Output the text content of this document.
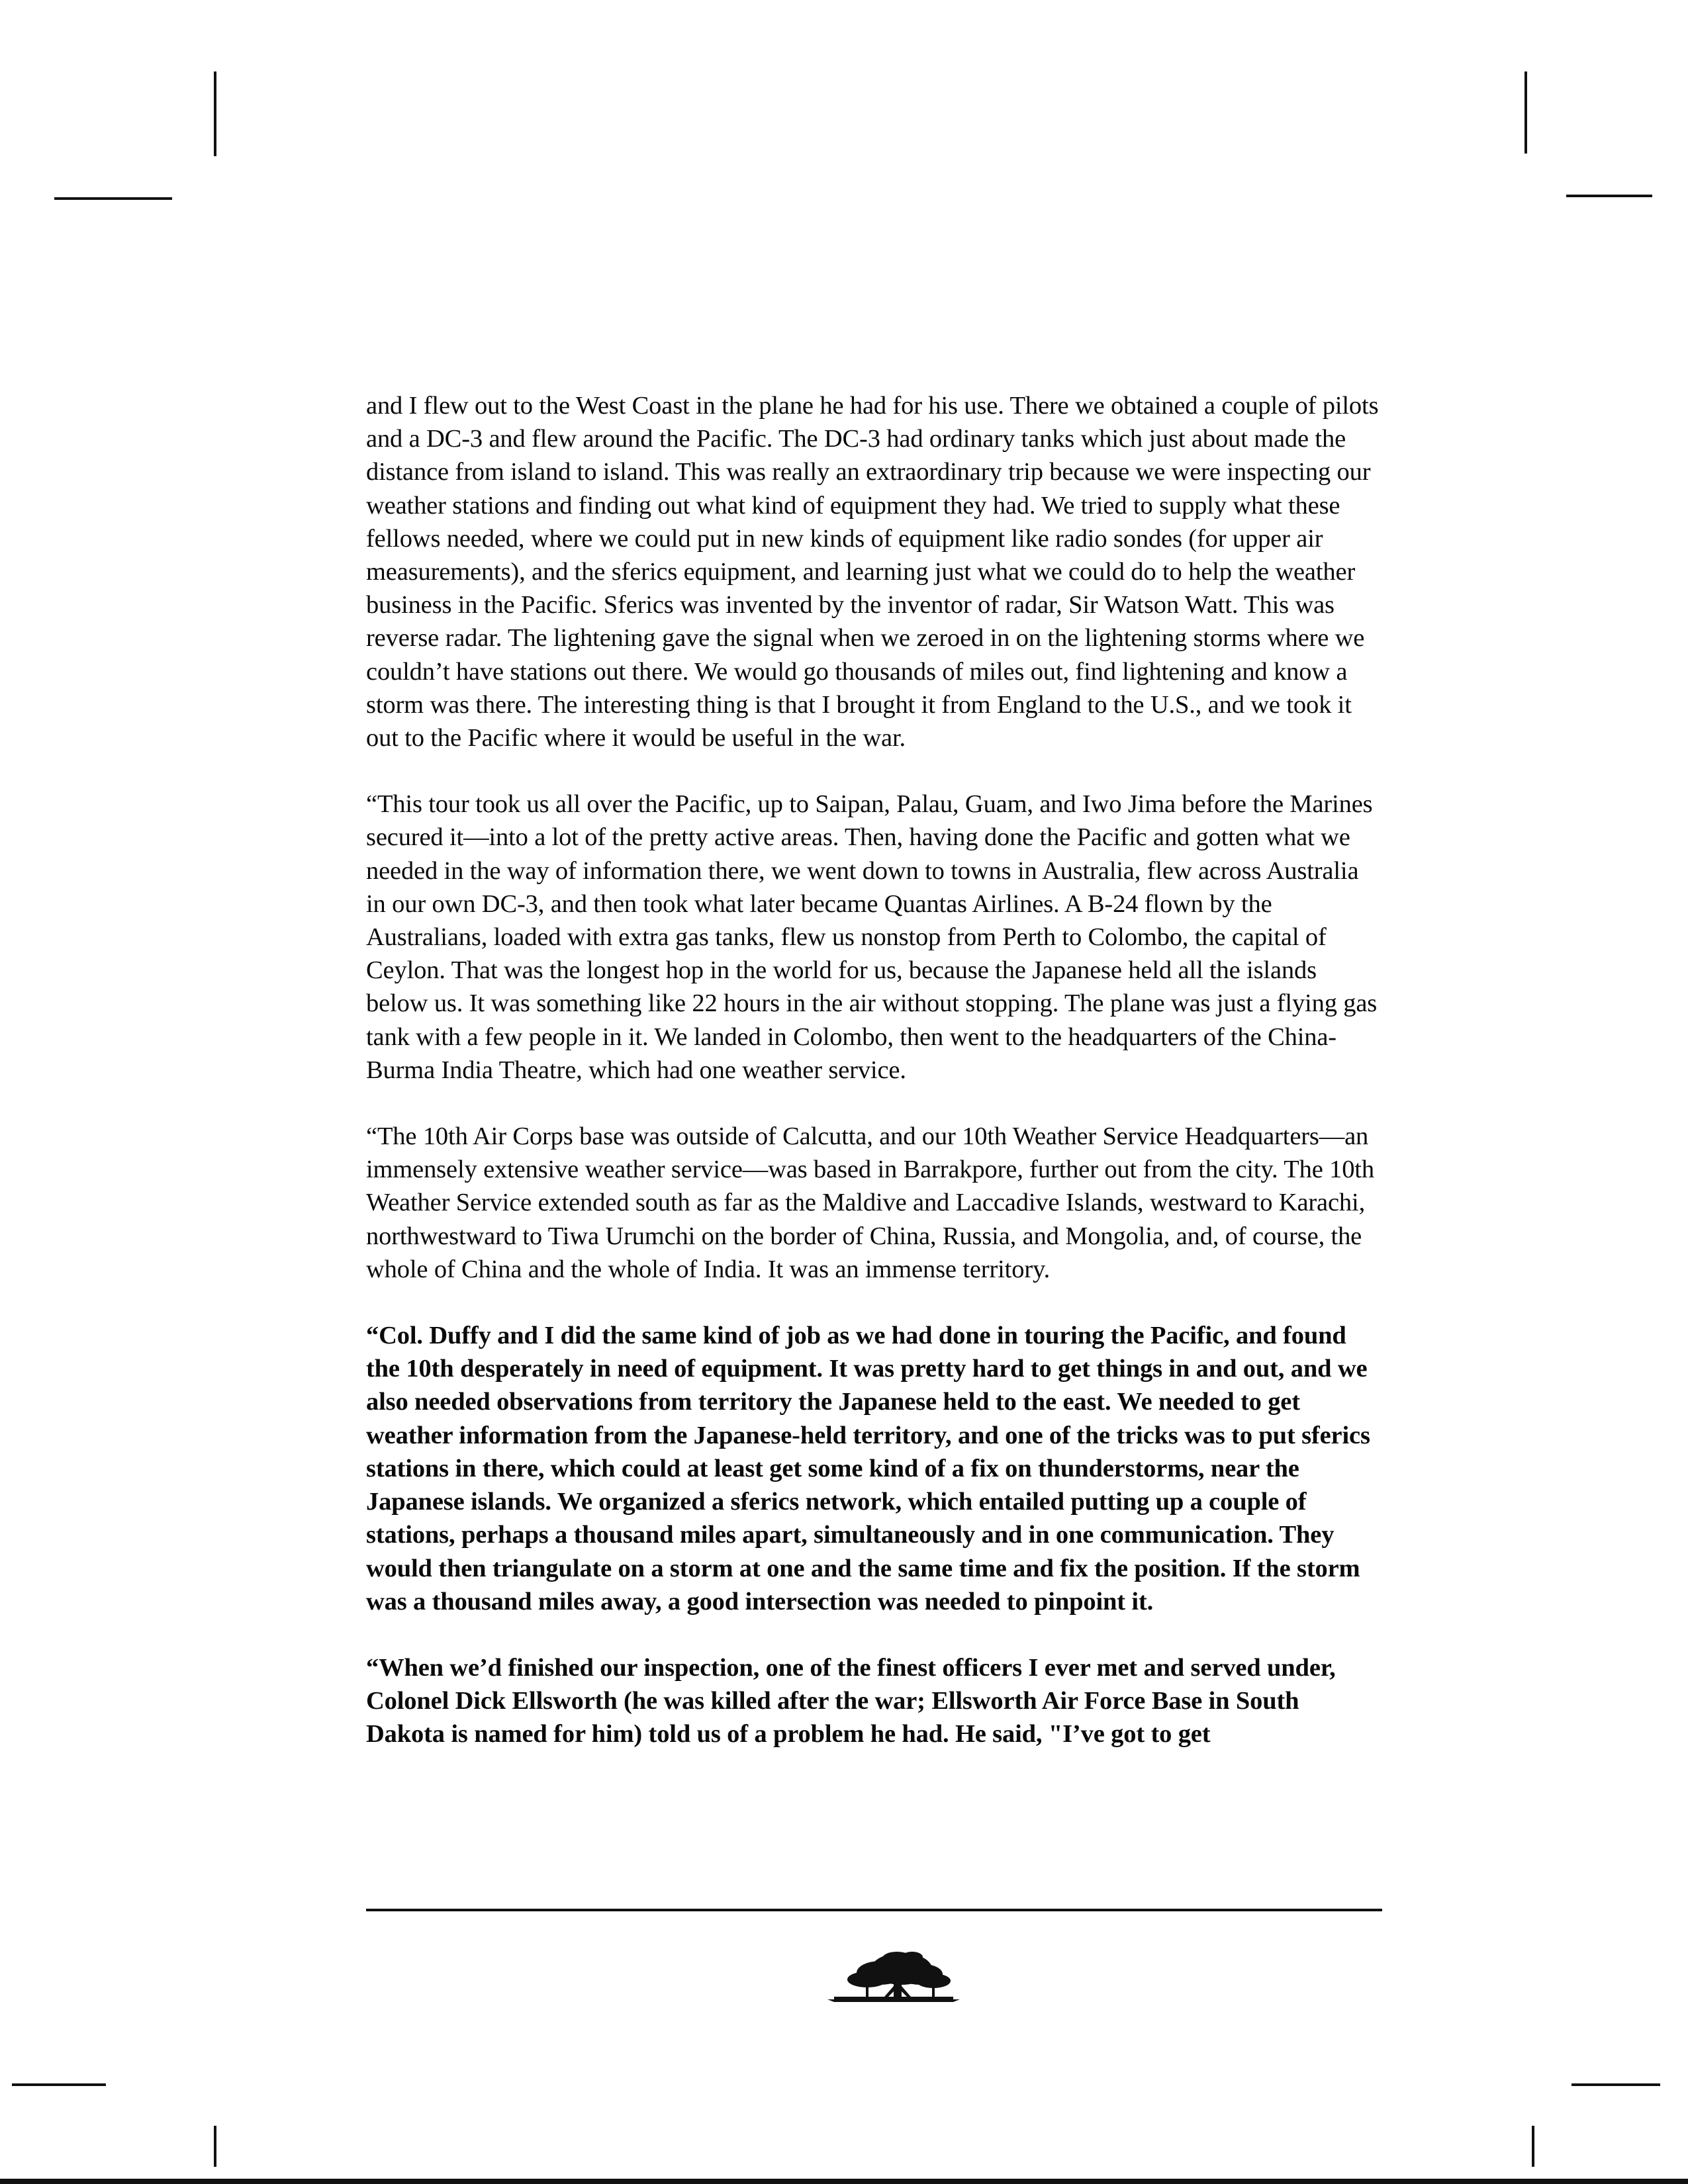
and I flew out to the West Coast in the plane he had for his use. There we obtained a couple of pilots and a DC-3 and flew around the Pacific. The DC-3 had ordinary tanks which just about made the distance from island to island. This was really an extraordinary trip because we were inspecting our weather stations and finding out what kind of equipment they had. We tried to supply what these fellows needed, where we could put in new kinds of equipment like radio sondes (for upper air measurements), and the sferics equipment, and learning just what we could do to help the weather business in the Pacific. Sferics was invented by the inventor of radar, Sir Watson Watt. This was reverse radar. The lightening gave the signal when we zeroed in on the lightening storms where we couldn’t have stations out there. We would go thousands of miles out, find lightening and know a storm was there. The interesting thing is that I brought it from England to the U.S., and we took it out to the Pacific where it would be useful in the war.

“This tour took us all over the Pacific, up to Saipan, Palau, Guam, and Iwo Jima before the Marines secured it—into a lot of the pretty active areas. Then, having done the Pacific and gotten what we needed in the way of information there, we went down to towns in Australia, flew across Australia in our own DC-3, and then took what later became Quantas Airlines. A B-24 flown by the Australians, loaded with extra gas tanks, flew us nonstop from Perth to Colombo, the capital of Ceylon. That was the longest hop in the world for us, because the Japanese held all the islands below us. It was something like 22 hours in the air without stopping. The plane was just a flying gas tank with a few people in it. We landed in Colombo, then went to the headquarters of the China-Burma India Theatre, which had one weather service.

“The 10th Air Corps base was outside of Calcutta, and our 10th Weather Service Headquarters—an immensely extensive weather service—was based in Barrakpore, further out from the city. The 10th Weather Service extended south as far as the Maldive and Laccadive Islands, westward to Karachi, northwestward to Tiwa Urumchi on the border of China, Russia, and Mongolia, and, of course, the whole of China and the whole of India. It was an immense territory.

“Col. Duffy and I did the same kind of job as we had done in touring the Pacific, and found the 10th desperately in need of equipment. It was pretty hard to get things in and out, and we also needed observations from territory the Japanese held to the east. We needed to get weather information from the Japanese-held territory, and one of the tricks was to put sferics stations in there, which could at least get some kind of a fix on thunderstorms, near the Japanese islands. We organized a sferics network, which entailed putting up a couple of stations, perhaps a thousand miles apart, simultaneously and in one communication. They would then triangulate on a storm at one and the same time and fix the position. If the storm was a thousand miles away, a good intersection was needed to pinpoint it.

“When we’d finished our inspection, one of the finest officers I ever met and served under, Colonel Dick Ellsworth (he was killed after the war; Ellsworth Air Force Base in South Dakota is named for him) told us of a problem he had. He said, "I’ve got to get
